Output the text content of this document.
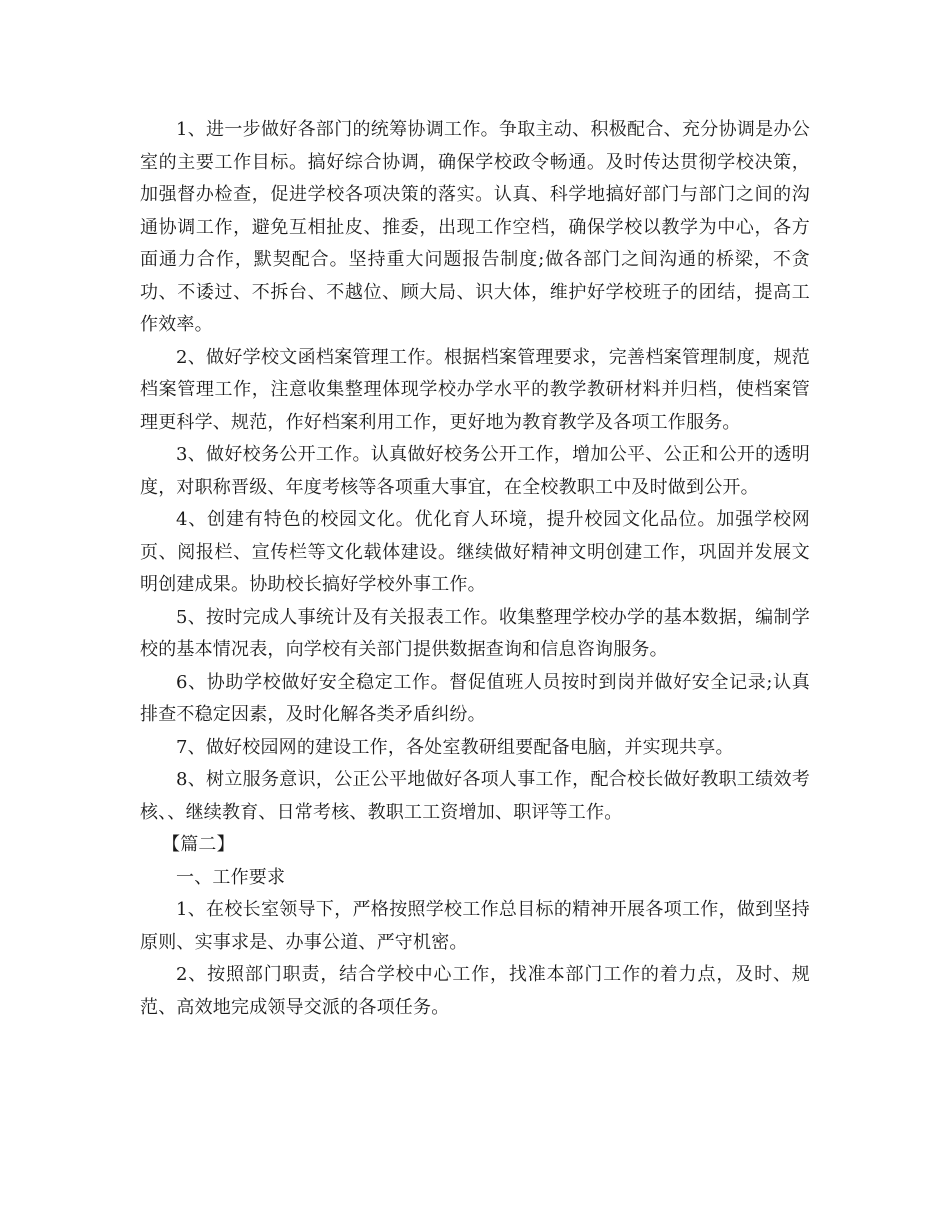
1、进一步做好各部门的统筹协调工作。争取主动、积极配合、充分协调是办公室的主要工作目标。搞好综合协调，确保学校政令畅通。及时传达贯彻学校决策，加强督办检查，促进学校各项决策的落实。认真、科学地搞好部门与部门之间的沟通协调工作，避免互相扯皮、推委，出现工作空档，确保学校以教学为中心，各方面通力合作，默契配合。坚持重大问题报告制度;做各部门之间沟通的桥梁，不贪功、不诿过、不拆台、不越位、顾大局、识大体，维护好学校班子的团结，提高工作效率。

2、做好学校文函档案管理工作。根据档案管理要求，完善档案管理制度，规范档案管理工作，注意收集整理体现学校办学水平的教学教研材料并归档，使档案管理更科学、规范，作好档案利用工作，更好地为教育教学及各项工作服务。

3、做好校务公开工作。认真做好校务公开工作，增加公平、公正和公开的透明度，对职称晋级、年度考核等各项重大事宜，在全校教职工中及时做到公开。

4、创建有特色的校园文化。优化育人环境，提升校园文化品位。加强学校网页、阅报栏、宣传栏等文化载体建设。继续做好精神文明创建工作，巩固并发展文明创建成果。协助校长搞好学校外事工作。

5、按时完成人事统计及有关报表工作。收集整理学校办学的基本数据，编制学校的基本情况表，向学校有关部门提供数据查询和信息咨询服务。

6、协助学校做好安全稳定工作。督促值班人员按时到岗并做好安全记录;认真排查不稳定因素，及时化解各类矛盾纠纷。

7、做好校园网的建设工作，各处室教研组要配备电脑，并实现共享。

8、树立服务意识，公正公平地做好各项人事工作，配合校长做好教职工绩效考核、、继续教育、日常考核、教职工工资增加、职评等工作。

【篇二】

一、工作要求

1、在校长室领导下，严格按照学校工作总目标的精神开展各项工作，做到坚持原则、实事求是、办事公道、严守机密。

2、按照部门职责，结合学校中心工作，找准本部门工作的着力点，及时、规范、高效地完成领导交派的各项任务。
